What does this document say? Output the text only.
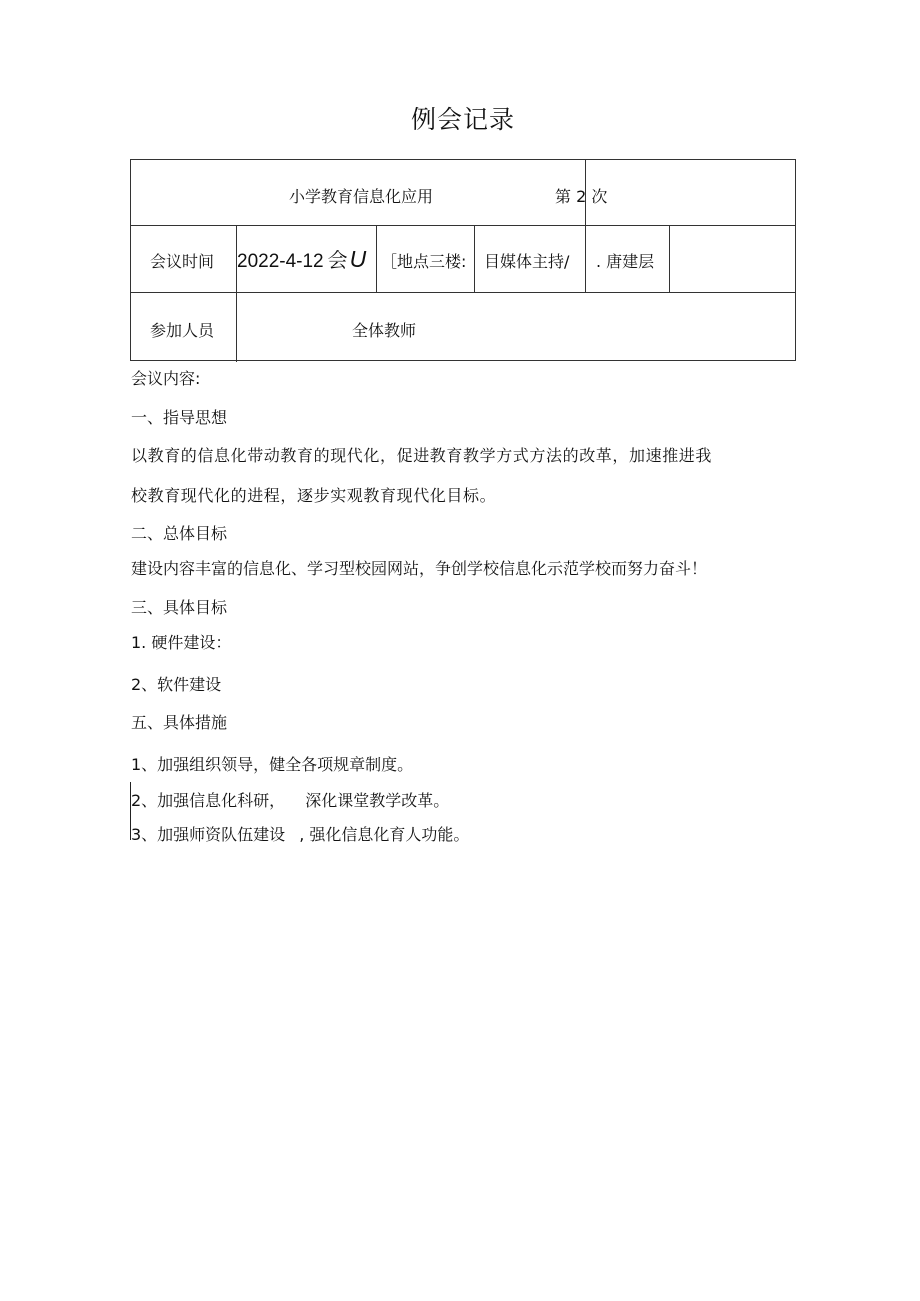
例会记录
小学教育信息化应用	第 2 次
会议时间 2022-4-12 会U ［地点三楼: 目媒体主持/ . 唐建层
参加人员	全体教师
会议内容:
一、指导思想
以教育的信息化带动教育的现代化，促进教育教学方式方法的改革，加速推进我
校教育现代化的进程，逐步实观教育现代化目标。
二、总体目标
建设内容丰富的信息化、学习型校园网站，争创学校信息化示范学校而努力奋斗！
三、具体目标
1. 硬件建设：
2、软件建设
五、具体措施
1、加强组织领导，健全各项规章制度。
2、加强信息化科研， 深化课堂教学改革。
3、加强师资队伍建设 , 强化信息化育人功能。
